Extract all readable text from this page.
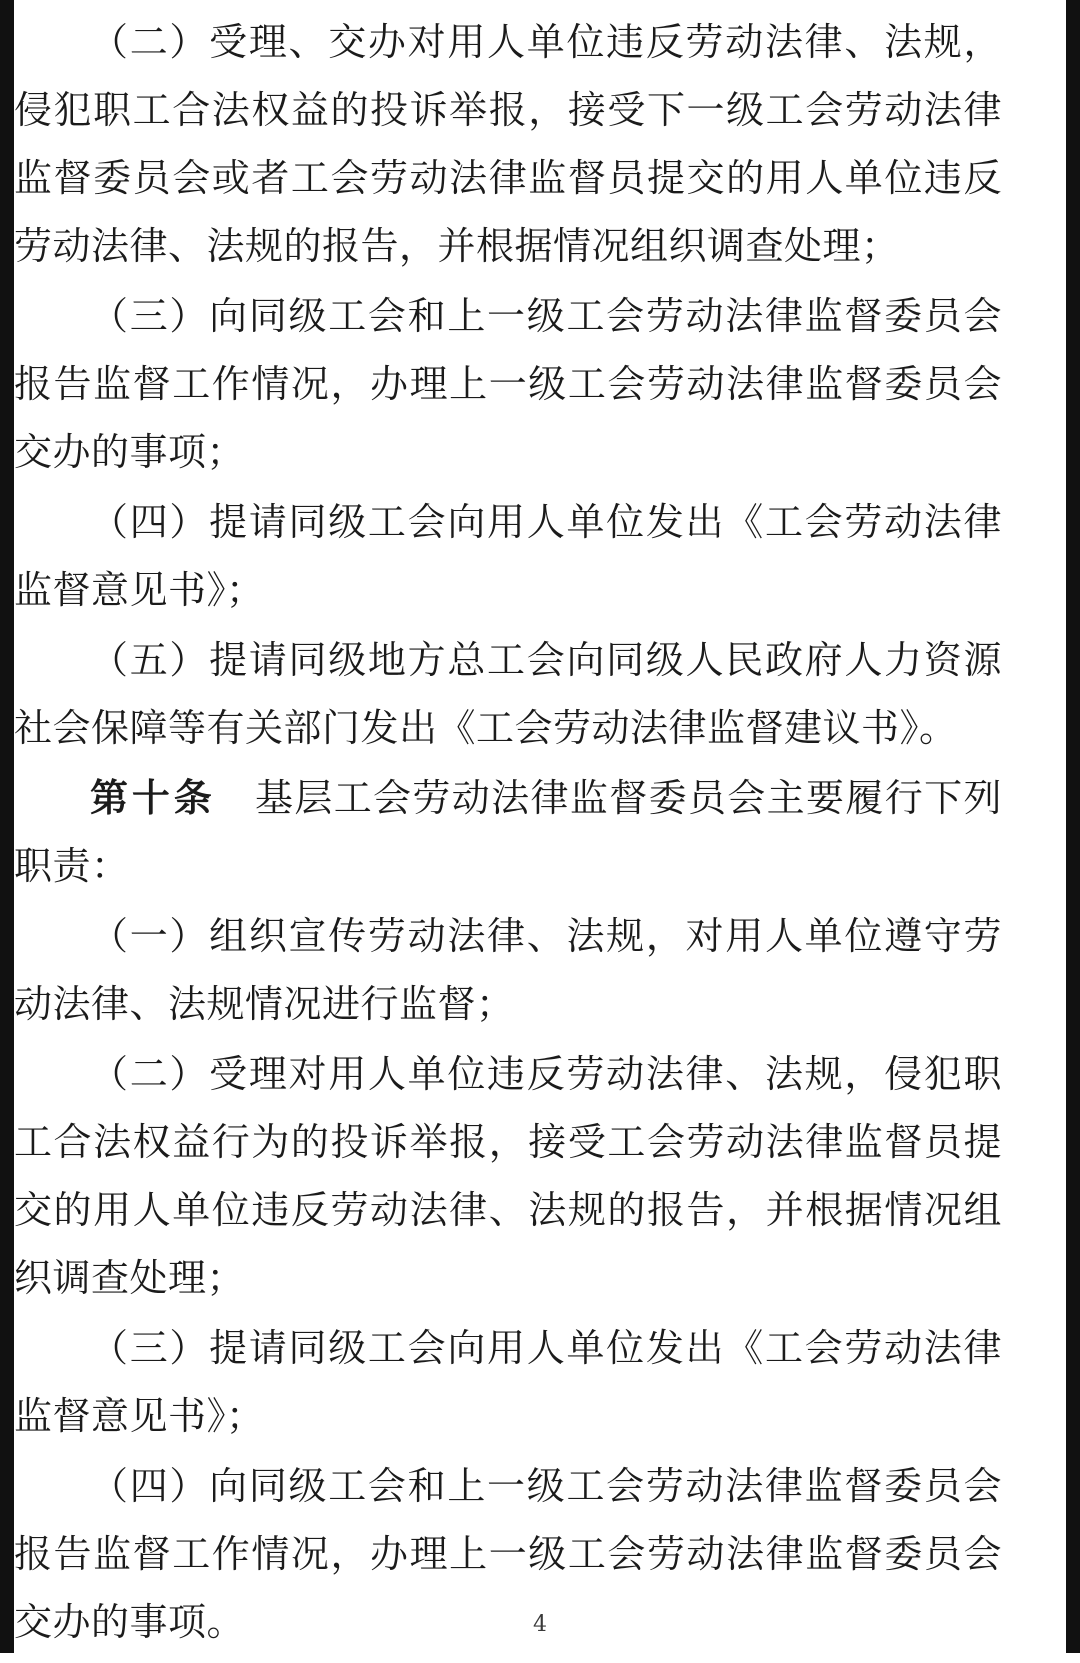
（二）受理、交办对用人单位违反劳动法律、法规，侵犯职工合法权益的投诉举报，接受下一级工会劳动法律监督委员会或者工会劳动法律监督员提交的用人单位违反劳动法律、法规的报告，并根据情况组织调查处理；

（三）向同级工会和上一级工会劳动法律监督委员会报告监督工作情况，办理上一级工会劳动法律监督委员会交办的事项；

（四）提请同级工会向用人单位发出《工会劳动法律监督意见书》；

（五）提请同级地方总工会向同级人民政府人力资源社会保障等有关部门发出《工会劳动法律监督建议书》。

第十条　 基层工会劳动法律监督委员会主要履行下列职责：

（一）组织宣传劳动法律、法规，对用人单位遵守劳动法律、法规情况进行监督；

（二）受理对用人单位违反劳动法律、法规，侵犯职工合法权益行为的投诉举报，接受工会劳动法律监督员提交的用人单位违反劳动法律、法规的报告，并根据情况组织调查处理；

（三）提请同级工会向用人单位发出《工会劳动法律监督意见书》；

（四）向同级工会和上一级工会劳动法律监督委员会报告监督工作情况，办理上一级工会劳动法律监督委员会交办的事项。	4
